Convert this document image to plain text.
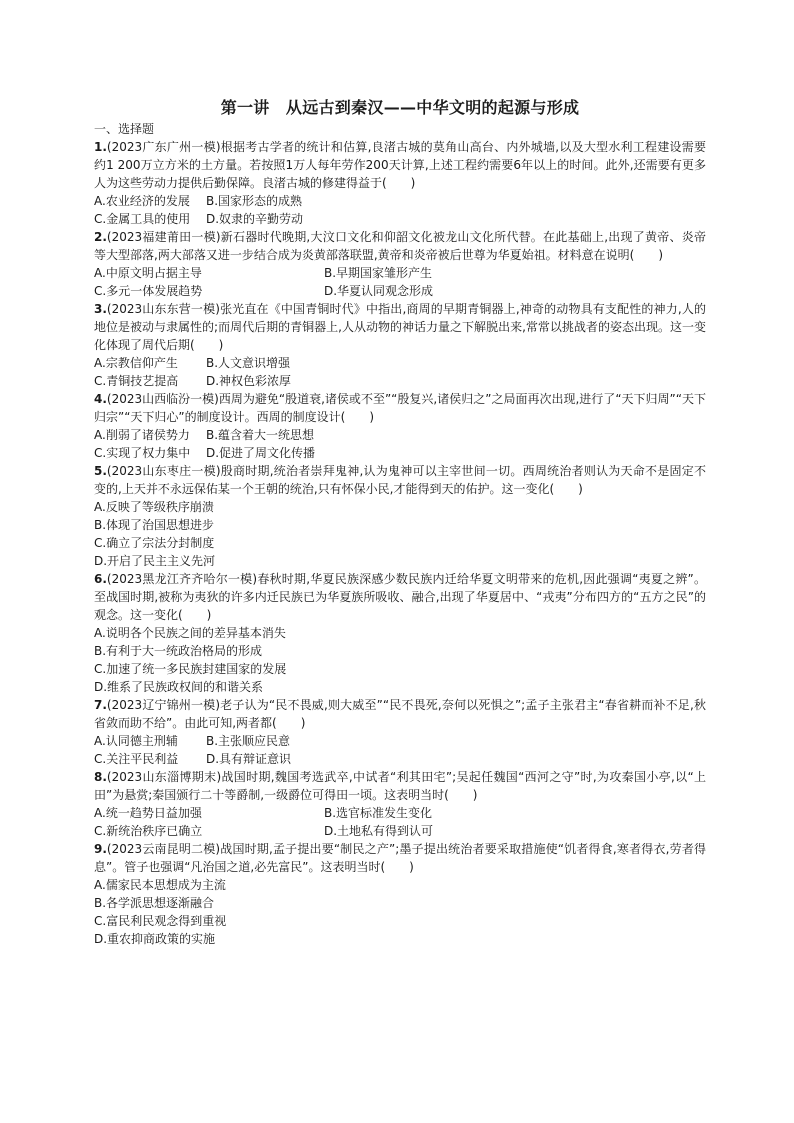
第一讲　从远古到秦汉——中华文明的起源与形成
一、选择题
1.(2023广东广州一模)根据考古学者的统计和估算,良渚古城的莫角山高台、内外城墙,以及大型水利工程建设需要约1 200万立方米的土方量。若按照1万人每年劳作200天计算,上述工程约需要6年以上的时间。此外,还需要有更多人为这些劳动力提供后勤保障。良渚古城的修建得益于(　　)
A.农业经济的发展	B.国家形态的成熟
C.金属工具的使用	D.奴隶的辛勤劳动
2.(2023福建莆田一模)新石器时代晚期,大汶口文化和仰韶文化被龙山文化所代替。在此基础上,出现了黄帝、炎帝等大型部落,两大部落又进一步结合成为炎黄部落联盟,黄帝和炎帝被后世尊为华夏始祖。材料意在说明(　　)
A.中原文明占据主导	B.早期国家雏形产生
C.多元一体发展趋势	D.华夏认同观念形成
3.(2023山东东营一模)张光直在《中国青铜时代》中指出,商周的早期青铜器上,神奇的动物具有支配性的神力,人的地位是被动与隶属性的;而周代后期的青铜器上,人从动物的神话力量之下解脱出来,常常以挑战者的姿态出现。这一变化体现了周代后期(　　)
A.宗教信仰产生	B.人文意识增强
C.青铜技艺提高	D.神权色彩浓厚
4.(2023山西临汾一模)西周为避免“殷道衰,诸侯或不至”“殷复兴,诸侯归之”之局面再次出现,进行了“天下归周”“天下归宗”“天下归心”的制度设计。西周的制度设计(　　)
A.削弱了诸侯势力	B.蕴含着大一统思想
C.实现了权力集中	D.促进了周文化传播
5.(2023山东枣庄一模)殷商时期,统治者崇拜鬼神,认为鬼神可以主宰世间一切。西周统治者则认为天命不是固定不变的,上天并不永远保佑某一个王朝的统治,只有怀保小民,才能得到天的佑护。这一变化(　　)
A.反映了等级秩序崩溃
B.体现了治国思想进步
C.确立了宗法分封制度
D.开启了民主主义先河
6.(2023黑龙江齐齐哈尔一模)春秋时期,华夏民族深感少数民族内迁给华夏文明带来的危机,因此强调“夷夏之辨”。至战国时期,被称为夷狄的许多内迁民族已为华夏族所吸收、融合,出现了华夏居中、“戎夷”分布四方的“五方之民”的观念。这一变化(　　)
A.说明各个民族之间的差异基本消失
B.有利于大一统政治格局的形成
C.加速了统一多民族封建国家的发展
D.维系了民族政权间的和谐关系
7.(2023辽宁锦州一模)老子认为“民不畏威,则大威至”“民不畏死,奈何以死惧之”;孟子主张君主“春省耕而补不足,秋省敛而助不给”。由此可知,两者都(　　)
A.认同德主刑辅	B.主张顺应民意
C.关注平民利益	D.具有辩证意识
8.(2023山东淄博期末)战国时期,魏国考选武卒,中试者“利其田宅”;吴起任魏国“西河之守”时,为攻秦国小亭,以“上田”为悬赏;秦国颁行二十等爵制,一级爵位可得田一顷。这表明当时(　　)
A.统一趋势日益加强	B.选官标准发生变化
C.新统治秩序已确立	D.土地私有得到认可
9.(2023云南昆明二模)战国时期,孟子提出要“制民之产”;墨子提出统治者要采取措施使“饥者得食,寒者得衣,劳者得息”。管子也强调“凡治国之道,必先富民”。这表明当时(　　)
A.儒家民本思想成为主流
B.各学派思想逐渐融合
C.富民利民观念得到重视
D.重农抑商政策的实施
